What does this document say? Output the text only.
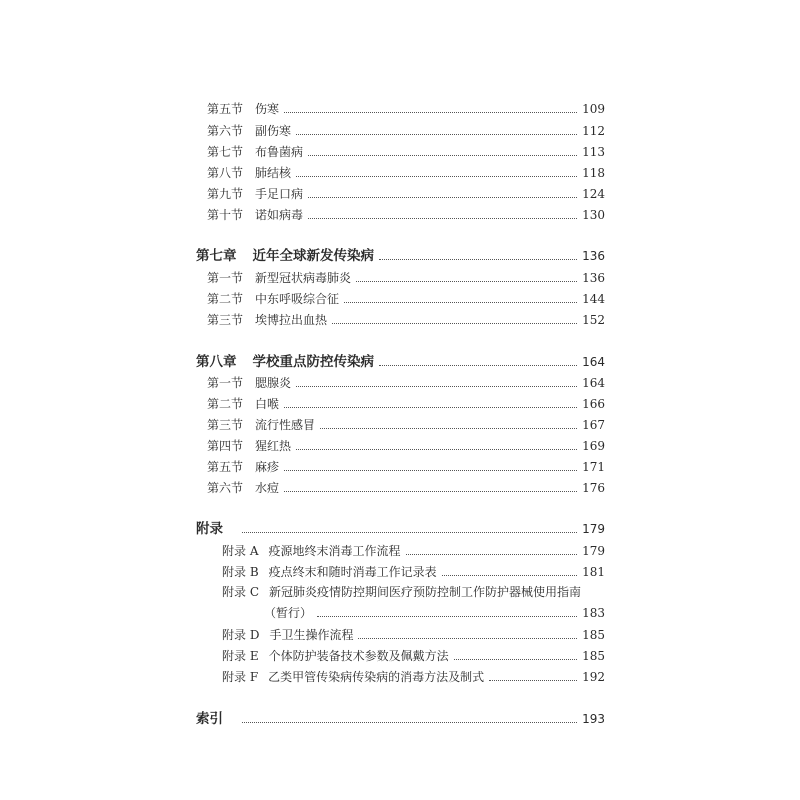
第五节 伤寒	109
第六节 副伤寒	112
第七节 布鲁菌病	113
第八节 肺结核	118
第九节 手足口病	124
第十节 诺如病毒	130
第七章 近年全球新发传染病	136
第一节 新型冠状病毒肺炎	136
第二节 中东呼吸综合征	144
第三节 埃博拉出血热	152
第八章 学校重点防控传染病	164
第一节 腮腺炎	164
第二节 白喉	166
第三节 流行性感冒	167
第四节 猩红热	169
第五节 麻疹	171
第六节 水痘	176
附录	179
附录 A 疫源地终末消毒工作流程	179
附录 B 疫点终末和随时消毒工作记录表	181
附录 C 新冠肺炎疫情防控期间医疗预防控制工作防护器械使用指南
（暂行）	183
附录 D 手卫生操作流程	185
附录 E 个体防护装备技术参数及佩戴方法	185
附录 F 乙类甲管传染病传染病的消毒方法及制式	192
索引	193
